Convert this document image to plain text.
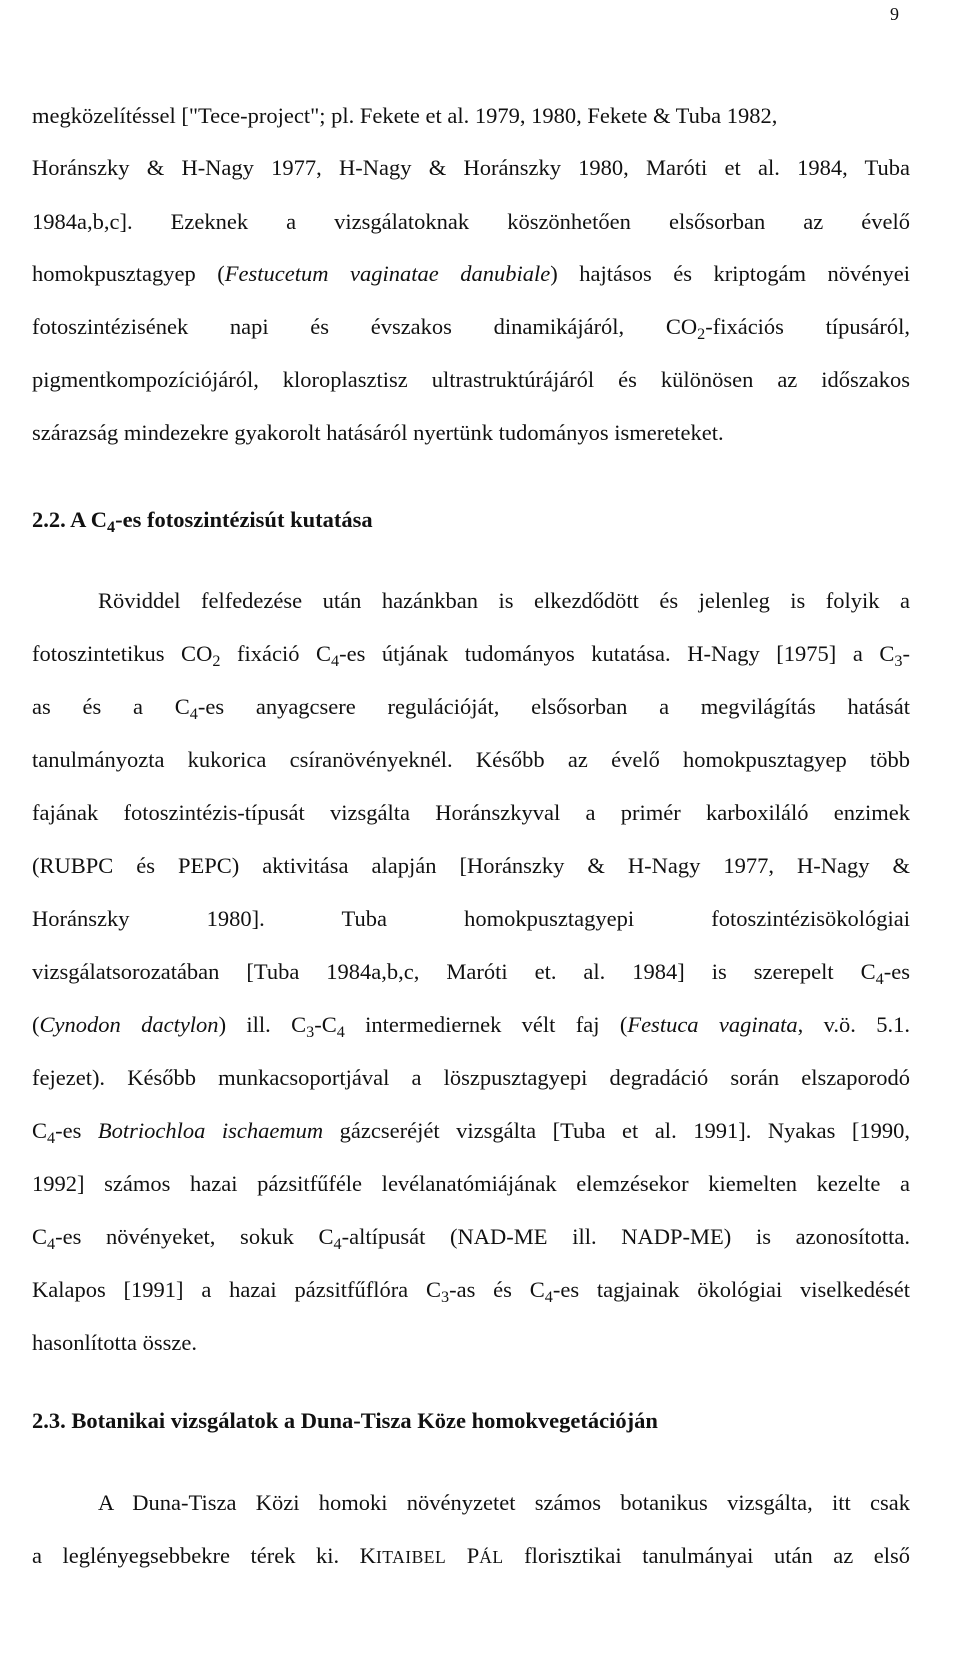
9
megközelítéssel ["Tece-project"; pl. Fekete et al. 1979, 1980, Fekete & Tuba 1982,
Horánszky & H-Nagy 1977, H-Nagy & Horánszky 1980, Maróti et al. 1984, Tuba
1984a,b,c]. Ezeknek a vizsgálatoknak köszönhetően elsősorban az évelő
homokpusztagyep (Festucetum vaginatae danubiale) hajtásos és kriptogám növényei
fotoszintézisének napi és évszakos dinamikájáról, $CO_2$-fixációs típusáról,
pigmentkompozíciójáról, kloroplasztisz ultrastruktúrájáról és különösen az időszakos
szárazság mindezekre gyakorolt hatásáról nyertünk tudományos ismereteket.
2.2. A $C_4-es$ fotoszintézisút kutatása
Röviddel felfedezése után hazánkban is elkezdődött és jelenleg is folyik a
fotoszintetikus $CO_2$ fixáció $C_4-es$ útjának tudományos kutatása. H-Nagy [1975] a $C_3-$
as és a $C_4-es$ anyagcsere regulációját, elsősorban a megvilágítás hatását
tanulmányozta kukorica csíranövényeknél. Később az évelő homokpusztagyep több
fajának fotoszintézis-típusát vizsgálta Horánszkyval a primér karboxiláló enzimek
(RUBPC és PEPC) aktivitása alapján [Horánszky & H-Nagy 1977, H-Nagy &
Horánszky 1980]. Tuba homokpusztagyepi fotoszintézisökológiai
vizsgálatsorozatában [Tuba 1984a,b,c, Maróti et. al. 1984] is szerepelt $C_4-es$
(Cynodon dactylon) ill. $C_3-C_4$ intermediernek vélt faj (Festuca vaginata, v.ö. 5.1.
fejezet). Később munkacsoportjával a löszpusztagyepi degradáció során elszaporodó
$C_4-es$ Botriochloa ischaemum gázcseréjét vizsgálta [Tuba et al. 1991]. Nyakas [1990,
1992] számos hazai pázsitfűféle levélanatómiájának elemzésekor kiemelten kezelte a
$C_4-es$ növényeket, sokuk $C_4$-altípusát (NAD-ME ill. NADP-ME) is azonosította.
Kalapos [1991] a hazai pázsitfűflóra $C_3-as$ és $C_4-es$ tagjainak ökológiai viselkedését
hasonlította össze.
2.3. Botanikai vizsgálatok a Duna-Tisza Köze homokvegetációján
A Duna-Tisza Közi homoki növényzetet számos botanikus vizsgálta, itt csak
a leglényegsebbekre térek ki. KITAIBEL PÁL florisztikai tanulmányai után az első
